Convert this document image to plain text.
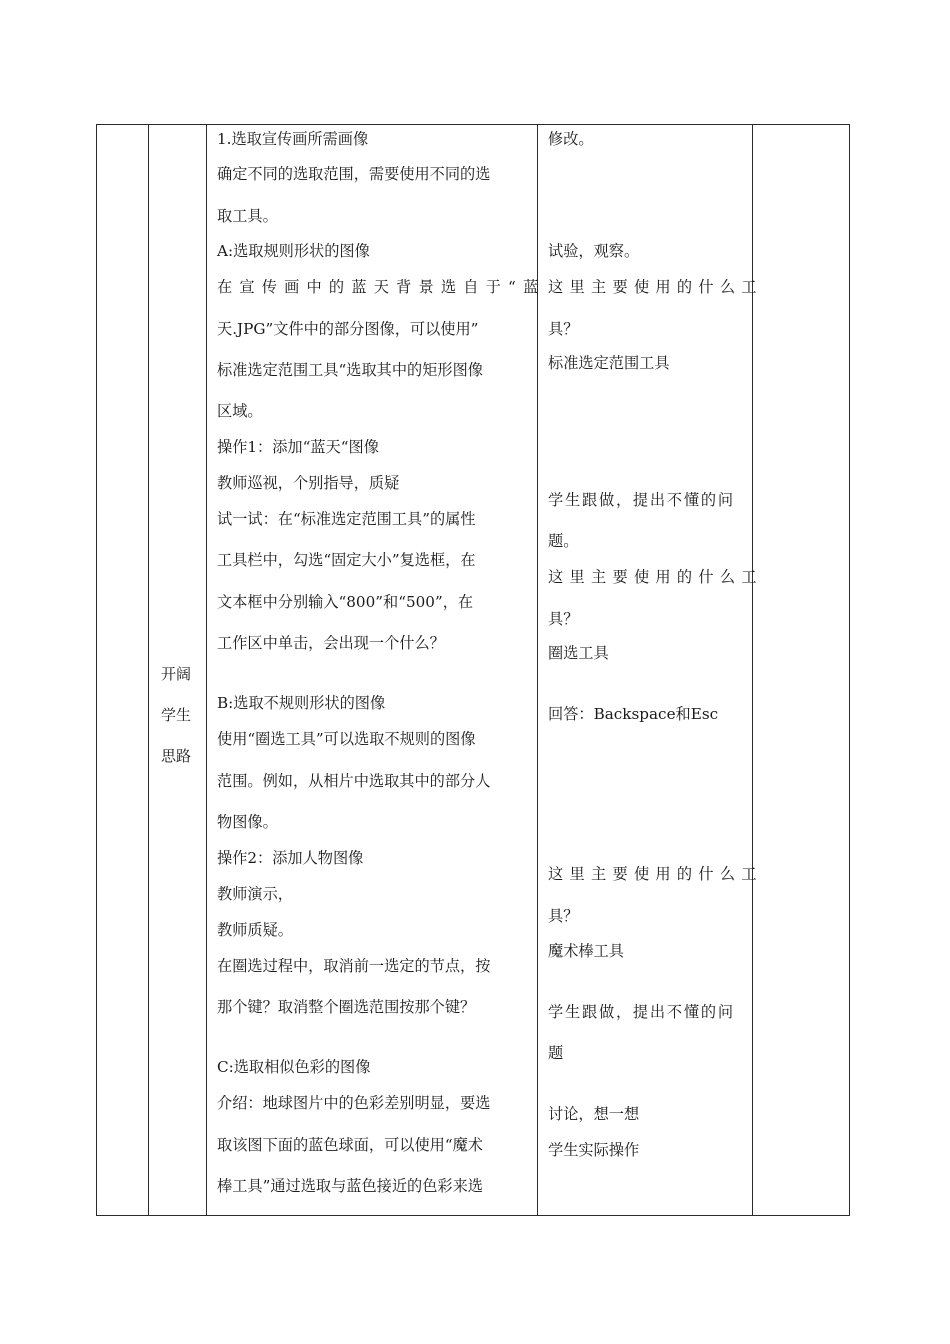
开阔
学生
思路

1.选取宣传画所需画像
确定不同的选取范围，需要使用不同的选
取工具。
A:选取规则形状的图像
在宣传画中的蓝天背景选自于“蓝
天.JPG”文件中的部分图像，可以使用”
标准选定范围工具“选取其中的矩形图像
区域。
操作1：添加“蓝天“图像
教师巡视，个别指导，质疑
试一试：在“标准选定范围工具”的属性
工具栏中，勾选“固定大小”复选框，在
文本框中分别输入“800”和“500”，在
工作区中单击，会出现一个什么？
B:选取不规则形状的图像
使用“圈选工具”可以选取不规则的图像
范围。例如，从相片中选取其中的部分人
物图像。
操作2：添加人物图像
教师演示，
教师质疑。
在圈选过程中，取消前一选定的节点，按
那个键？取消整个圈选范围按那个键？
C:选取相似色彩的图像
介绍：地球图片中的色彩差别明显，要选
取该图下面的蓝色球面，可以使用“魔术
棒工具”通过选取与蓝色接近的色彩来选

修改。
试验，观察。
这里主要使用的什么工
具？
标准选定范围工具
学生跟做，提出不懂的问
题。
这里主要使用的什么工
具？
圈选工具
回答：Backspace和Esc
这里主要使用的什么工
具？
魔术棒工具
学生跟做，提出不懂的问
题
讨论，想一想
学生实际操作
